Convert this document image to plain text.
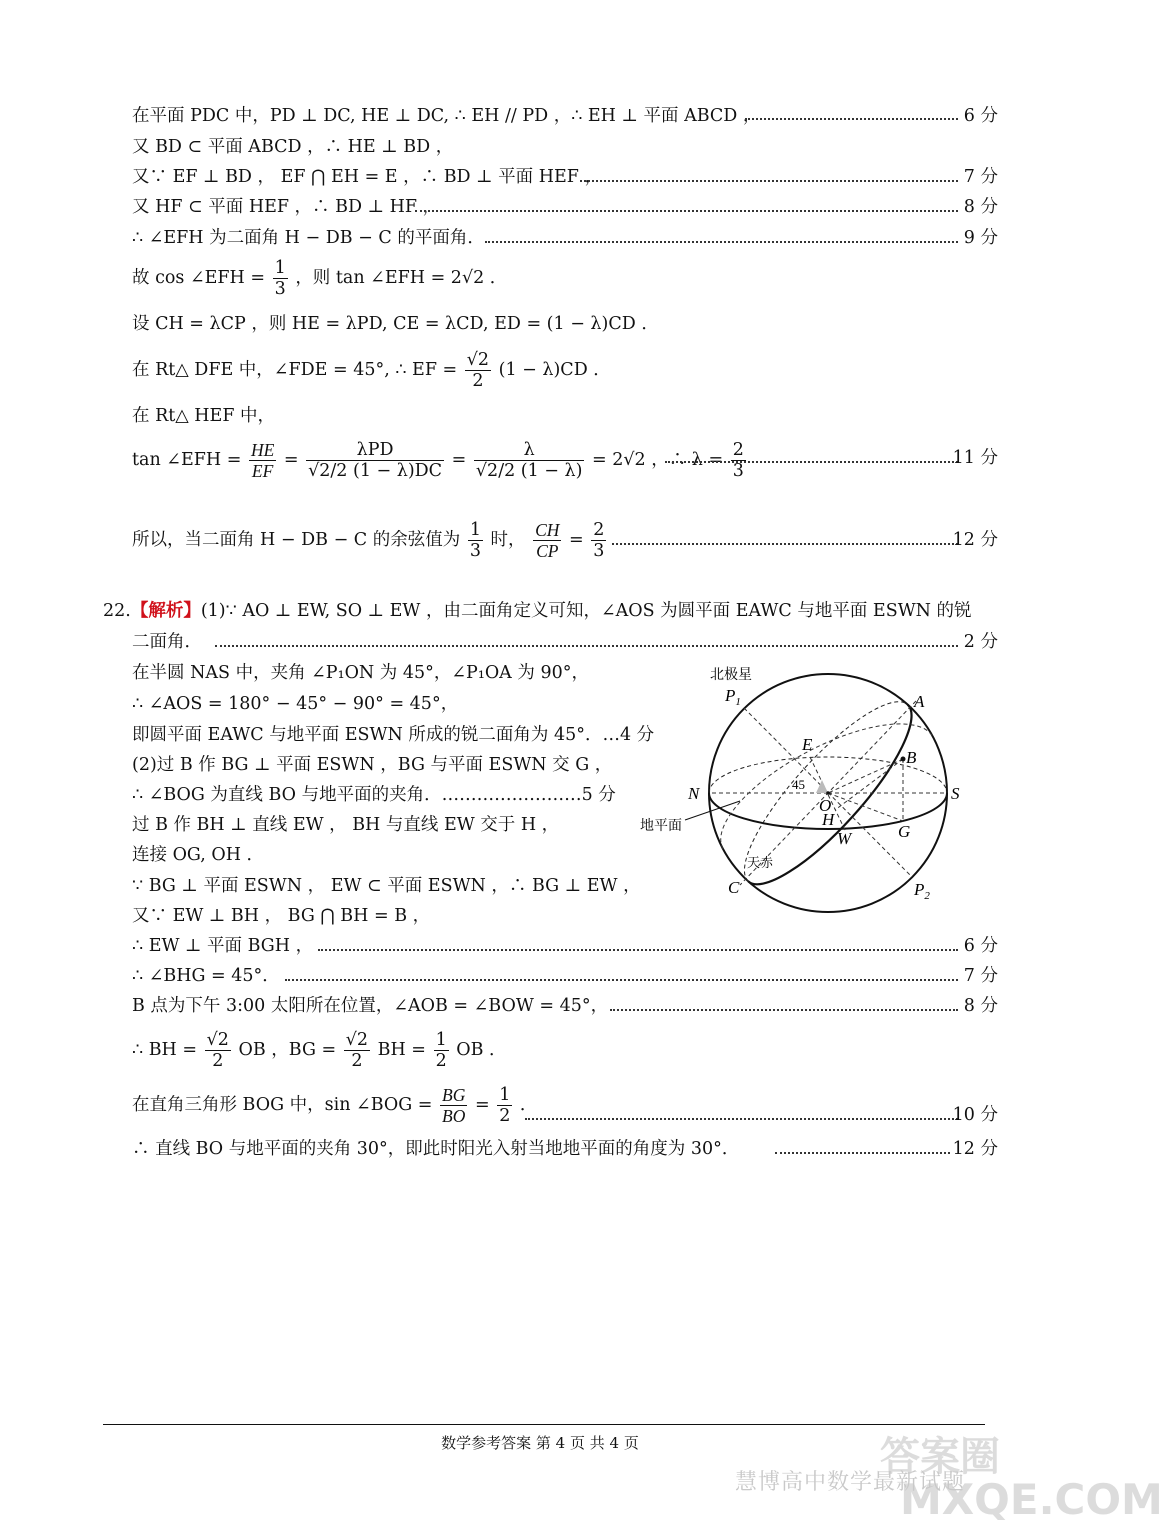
在平面 PDC 中，PD ⊥ DC, HE ⊥ DC, ∴ EH // PD ，∴ EH ⊥ 平面 ABCD ，	6 分
又 BD ⊂ 平面 ABCD ，∴ HE ⊥ BD ，
又∵ EF ⊥ BD ， EF ⋂ EH = E ，∴ BD ⊥ 平面 HEF ，	7 分
又 HF ⊂ 平面 HEF ，∴ BD ⊥ HF ，	8 分
∴ ∠EFH 为二面角 H − DB − C 的平面角．	9 分
故 cos ∠EFH = $\frac{1}{3}$ ，则 tan ∠EFH = 2√2 ．
设 CH = λCP ，则 HE = λPD, CE = λCD, ED = (1 − λ)CD ．
在 Rt△ DFE 中，∠FDE = 45°, ∴ EF = $\frac{√2}{2} (1 - \lambda)CD$ ．
在 Rt△ HEF 中，
tan ∠EFH = $\frac{HE}{EF} = \frac{\text{λPD}}{√2/2 (1 - \lambda)DC} = \frac{\lambda}{√2/2 (1 - \lambda)} = 2√2$ ，∴ $\lambda = \frac{2}{3}$	11 分
所以，当二面角 H − DB − C 的余弦值为 $\frac{1}{3}$ 时， $\frac{CH}{CP} = \frac{2}{3}$	12 分
22.【解析】(1)∵ AO ⊥ EW, SO ⊥ EW ，由二面角定义可知，∠AOS 为圆平面 EAWC 与地平面 ESWN 的锐
二面角．	2 分
在半圆 NAS 中，夹角 ∠P₁ON 为 45°，∠P₁OA 为 90°，
∴ ∠AOS = 180° − 45° − 90° = 45°，
即圆平面 EAWC 与地平面 ESWN 所成的锐二面角为 45°．…4 分
(2)过 B 作 BG ⊥ 平面 ESWN ，BG 与平面 ESWN 交 G ，
∴ ∠BOG 为直线 BO 与地平面的夹角．……………………5 分
过 B 作 BH ⊥ 直线 EW ， BH 与直线 EW 交于 H ，
连接 OG, OH ．
∵ BG ⊥ 平面 ESWN ， EW ⊂ 平面 ESWN ，∴ BG ⊥ EW ，
又∵ EW ⊥ BH ， BG ⋂ BH = B ，
∴ EW ⊥ 平面 BGH ，	6 分
∴ ∠BHG = 45°．	7 分
B 点为下午 3:00 太阳所在位置，∠AOB = ∠BOW = 45°，	8 分
∴ BH = $\frac{√2}{2}$ OB ，BG = $\frac{√2}{2}$ BH = $\frac{1}{2}$ OB ．
在直角三角形 BOG 中，sin ∠BOG = $\frac{BG}{BO} = \frac{1}{2}$ ．	10 分
∴ 直线 BO 与地平面的夹角 30°，即此时阳光入射当地地平面的角度为 30°．	12 分
北极星
$P_1$	A
E
B
45
N	S
O
H
G
W
地平面
天赤
C	$P_2$
数学参考答案 第 4 页 共 4 页	答案圈
MXQE.COM
慧博高中数学最新试题
